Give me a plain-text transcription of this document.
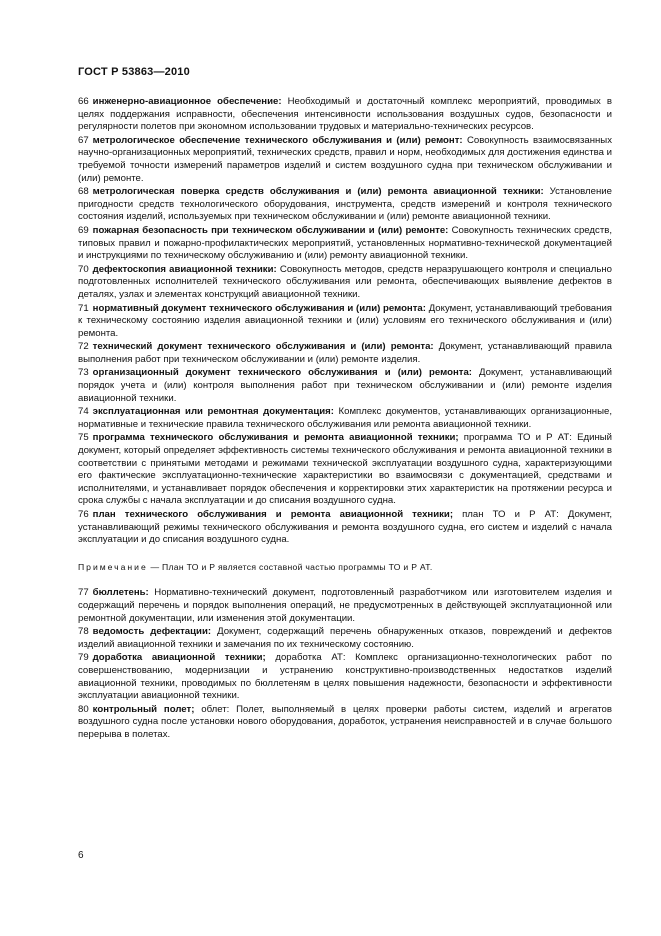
ГОСТ Р 53863—2010

66 инженерно-авиационное обеспечение: Необходимый и достаточный комплекс мероприятий, проводимых в целях поддержания исправности, обеспечения интенсивности использования воздушных судов, безопасности и регулярности полетов при экономном использовании трудовых и материально-технических ресурсов.

67 метрологическое обеспечение технического обслуживания и (или) ремонт: Совокупность взаимосвязанных научно-организационных мероприятий, технических средств, правил и норм, необходимых для достижения единства и требуемой точности измерений параметров изделий и систем воздушного судна при техническом обслуживании и (или) ремонте.

68 метрологическая поверка средств обслуживания и (или) ремонта авиационной техники: Установление пригодности средств технологического оборудования, инструмента, средств измерений и контроля технического состояния изделий, используемых при техническом обслуживании и (или) ремонте авиационной техники.

69 пожарная безопасность при техническом обслуживании и (или) ремонте: Совокупность технических средств, типовых правил и пожарно-профилактических мероприятий, установленных нормативно-технической документацией и инструкциями по техническому обслуживанию и (или) ремонту авиационной техники.

70 дефектоскопия авиационной техники: Совокупность методов, средств неразрушающего контроля и специально подготовленных исполнителей технического обслуживания или ремонта, обеспечивающих выявление дефектов в деталях, узлах и элементах конструкций авиационной техники.

71 нормативный документ технического обслуживания и (или) ремонта: Документ, устанавливающий требования к техническому состоянию изделия авиационной техники и (или) условиям его технического обслуживания и (или) ремонта.

72 технический документ технического обслуживания и (или) ремонта: Документ, устанавливающий правила выполнения работ при техническом обслуживании и (или) ремонте изделия.

73 организационный документ технического обслуживания и (или) ремонта: Документ, устанавливающий порядок учета и (или) контроля выполнения работ при техническом обслуживании и (или) ремонте изделия авиационной техники.

74 эксплуатационная или ремонтная документация: Комплекс документов, устанавливающих организационные, нормативные и технические правила технического обслуживания или ремонта авиационной техники.

75 программа технического обслуживания и ремонта авиационной техники; программа ТО и Р АТ: Единый документ, который определяет эффективность системы технического обслуживания и ремонта авиационной техники в соответствии с принятыми методами и режимами технической эксплуатации воздушного судна, характеризующими его фактические эксплуатационно-технические характеристики во взаимосвязи с документацией, средствами и исполнителями, и устанавливает порядок обеспечения и корректировки этих характеристик на протяжении ресурса и срока службы с начала эксплуатации и до списания воздушного судна.

76 план технического обслуживания и ремонта авиационной техники; план ТО и Р АТ: Документ, устанавливающий режимы технического обслуживания и ремонта воздушного судна, его систем и изделий с начала эксплуатации и до списания воздушного судна.

Примечание — План ТО и Р является составной частью программы ТО и Р АТ.

77 бюллетень: Нормативно-технический документ, подготовленный разработчиком или изготовителем изделия и содержащий перечень и порядок выполнения операций, не предусмотренных в действующей эксплуатационной или ремонтной документации, или изменения этой документации.

78 ведомость дефектации: Документ, содержащий перечень обнаруженных отказов, повреждений и дефектов изделий авиационной техники и замечания по их техническому состоянию.

79 доработка авиационной техники; доработка АТ: Комплекс организационно-технологических работ по совершенствованию, модернизации и устранению конструктивно-производственных недостатков изделий авиационной техники, проводимых по бюллетеням в целях повышения надежности, безопасности и эффективности эксплуатации авиационной техники.

80 контрольный полет; облет: Полет, выполняемый в целях проверки работы систем, изделий и агрегатов воздушного судна после установки нового оборудования, доработок, устранения неисправностей и в случае большого перерыва в полетах.

6
